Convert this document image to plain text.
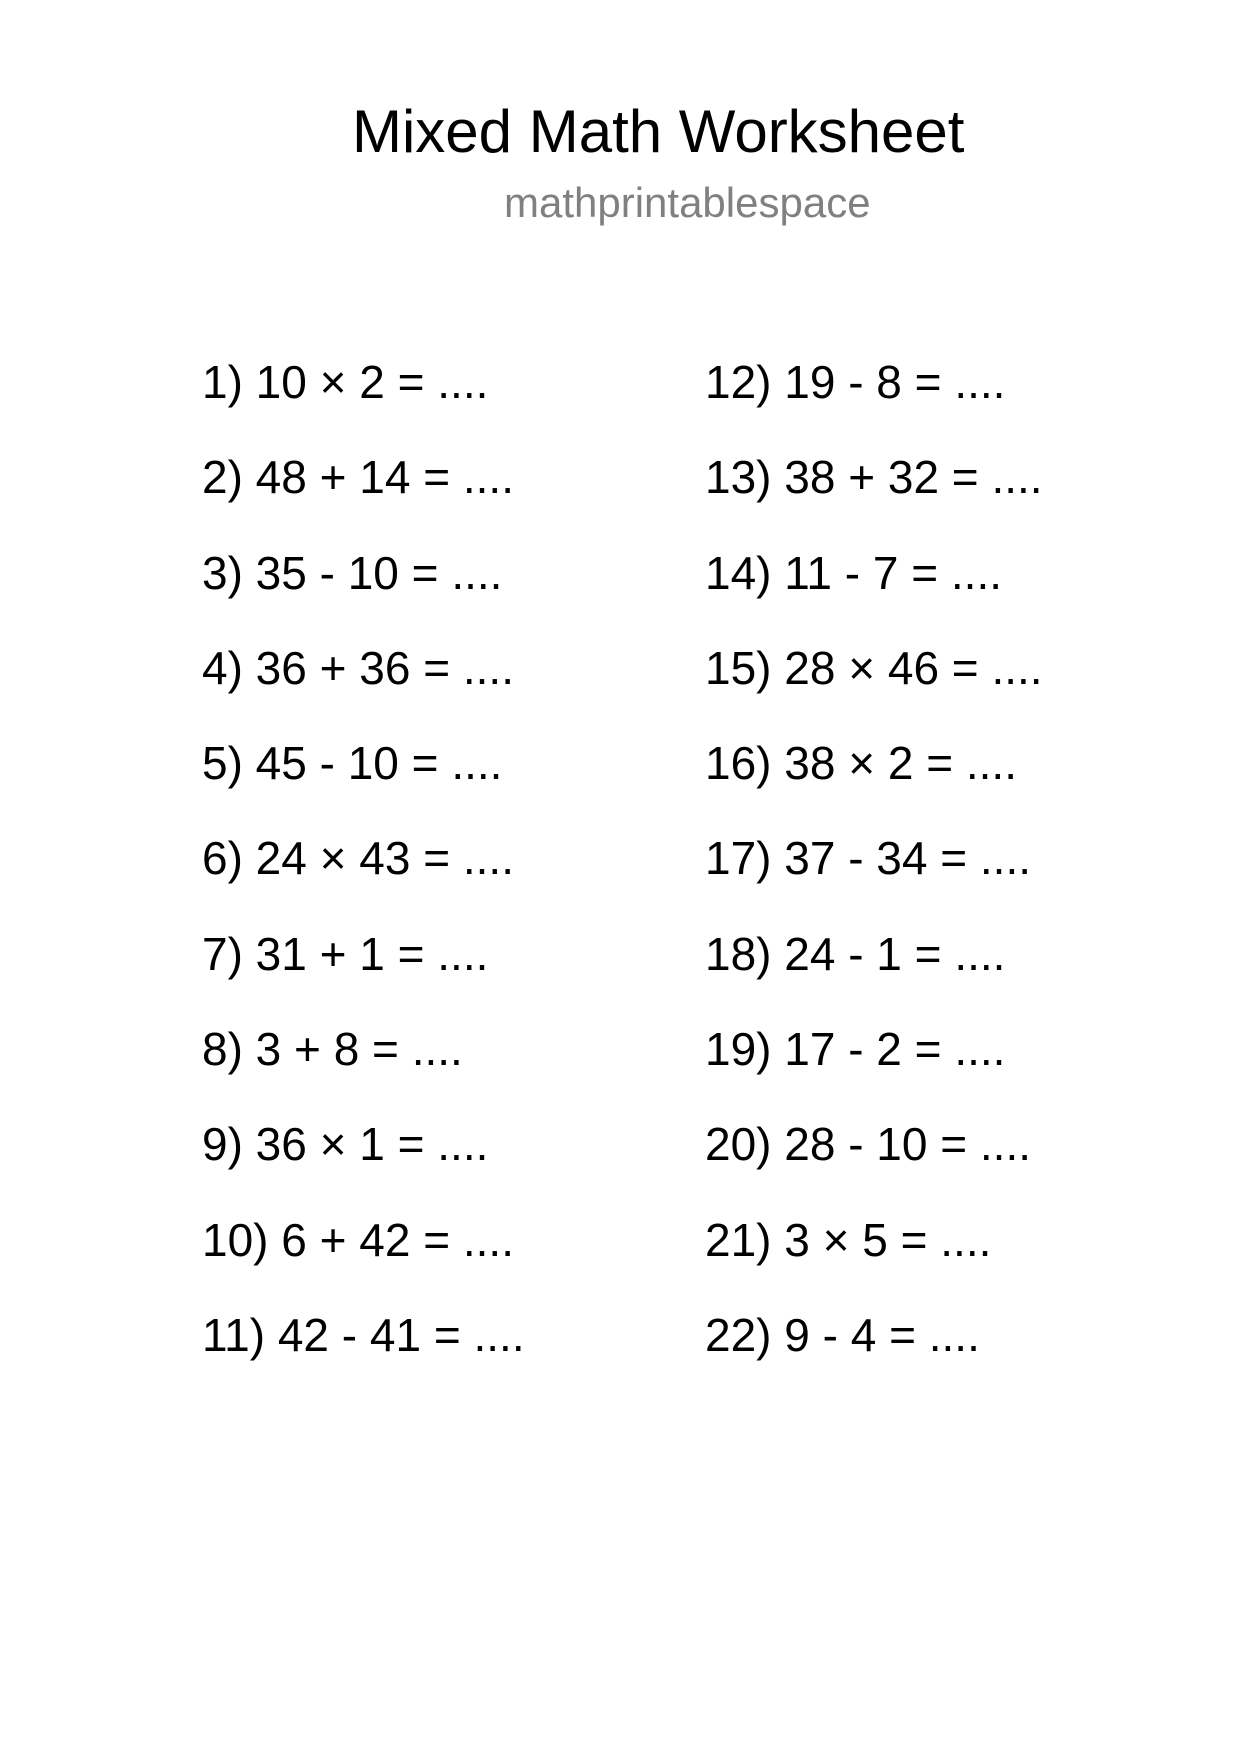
Mixed Math Worksheet
mathprintablespace
1) 10 × 2 = ....
2) 48 + 14 = ....
3) 35 - 10 = ....
4) 36 + 36 = ....
5) 45 - 10 = ....
6) 24 × 43 = ....
7) 31 + 1 = ....
8) 3 + 8 = ....
9) 36 × 1 = ....
10) 6 + 42 = ....
11) 42 - 41 = ....
12) 19 - 8 = ....
13) 38 + 32 = ....
14) 11 - 7 = ....
15) 28 × 46 = ....
16) 38 × 2 = ....
17) 37 - 34 = ....
18) 24 - 1 = ....
19) 17 - 2 = ....
20) 28 - 10 = ....
21) 3 × 5 = ....
22) 9 - 4 = ....
